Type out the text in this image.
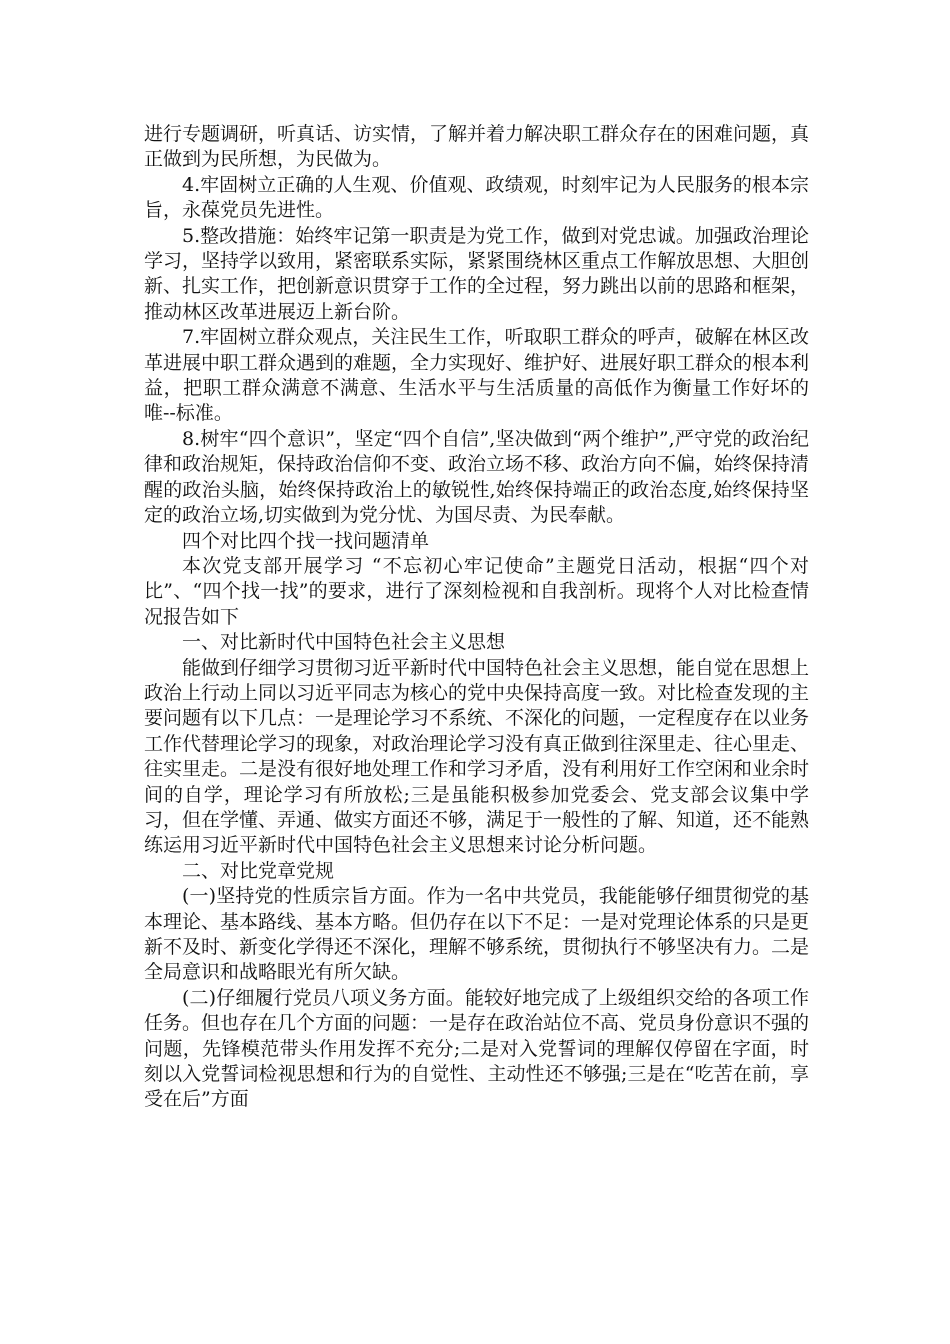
进行专题调研，听真话、访实情，了解并着力解决职工群众存在的困难问题，真正做到为民所想，为民做为。

4.牢固树立正确的人生观、价值观、政绩观，时刻牢记为人民服务的根本宗旨，永葆党员先进性。

5.整改措施：始终牢记第一职责是为党工作，做到对党忠诚。加强政治理论学习，坚持学以致用，紧密联系实际，紧紧围绕林区重点工作解放思想、大胆创新、扎实工作，把创新意识贯穿于工作的全过程，努力跳出以前的思路和框架，推动林区改革进展迈上新台阶。

7.牢固树立群众观点，关注民生工作，听取职工群众的呼声，破解在林区改革进展中职工群众遇到的难题，全力实现好、维护好、进展好职工群众的根本利益，把职工群众满意不满意、生活水平与生活质量的高低作为衡量工作好坏的唯--标准。

8.树牢“四个意识”，坚定“四个自信”,坚决做到“两个维护”,严守党的政治纪律和政治规矩，保持政治信仰不变、政治立场不移、政治方向不偏，始终保持清醒的政治头脑，始终保持政治上的敏锐性,始终保持端正的政治态度,始终保持坚定的政治立场,切实做到为党分忧、为国尽责、为民奉献。

四个对比四个找一找问题清单

本次党支部开展学习 “不忘初心牢记使命”主题党日活动，根据“四个对比”、“四个找一找”的要求，进行了深刻检视和自我剖析。现将个人对比检查情况报告如下

一、对比新时代中国特色社会主义思想

能做到仔细学习贯彻习近平新时代中国特色社会主义思想，能自觉在思想上政治上行动上同以习近平同志为核心的党中央保持高度一致。对比检查发现的主要问题有以下几点：一是理论学习不系统、不深化的问题，一定程度存在以业务工作代替理论学习的现象，对政治理论学习没有真正做到往深里走、往心里走、往实里走。二是没有很好地处理工作和学习矛盾，没有利用好工作空闲和业余时间的自学，理论学习有所放松;三是虽能积极参加党委会、党支部会议集中学习，但在学懂、弄通、做实方面还不够，满足于一般性的了解、知道，还不能熟练运用习近平新时代中国特色社会主义思想来讨论分析问题。

二、对比党章党规

(一)坚持党的性质宗旨方面。作为一名中共党员，我能能够仔细贯彻党的基本理论、基本路线、基本方略。但仍存在以下不足：一是对党理论体系的只是更新不及时、新变化学得还不深化，理解不够系统，贯彻执行不够坚决有力。二是全局意识和战略眼光有所欠缺。

(二)仔细履行党员八项义务方面。能较好地完成了上级组织交给的各项工作任务。但也存在几个方面的问题：一是存在政治站位不高、党员身份意识不强的问题，先锋模范带头作用发挥不充分;二是对入党誓词的理解仅停留在字面，时刻以入党誓词检视思想和行为的自觉性、主动性还不够强;三是在“吃苦在前，享受在后”方面
